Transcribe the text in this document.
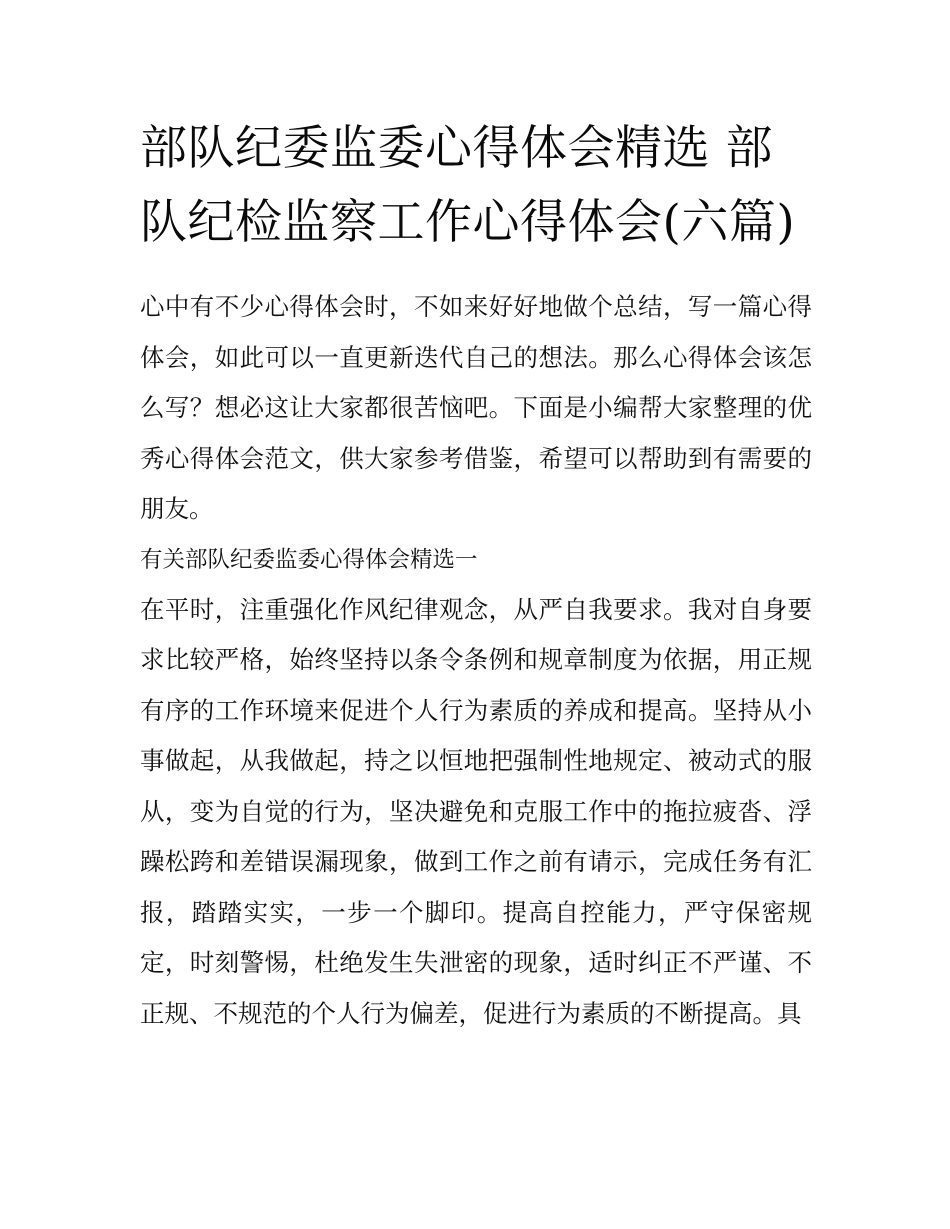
部队纪委监委心得体会精选 部队纪检监察工作心得体会(六篇)

心中有不少心得体会时，不如来好好地做个总结，写一篇心得体会，如此可以一直更新迭代自己的想法。那么心得体会该怎么写？想必这让大家都很苦恼吧。下面是小编帮大家整理的优秀心得体会范文，供大家参考借鉴，希望可以帮助到有需要的朋友。

有关部队纪委监委心得体会精选一

在平时，注重强化作风纪律观念，从严自我要求。我对自身要求比较严格，始终坚持以条令条例和规章制度为依据，用正规有序的工作环境来促进个人行为素质的养成和提高。坚持从小事做起，从我做起，持之以恒地把强制性地规定、被动式的服从，变为自觉的行为，坚决避免和克服工作中的拖拉疲沓、浮躁松跨和差错误漏现象，做到工作之前有请示，完成任务有汇报，踏踏实实，一步一个脚印。提高自控能力，严守保密规定，时刻警惕，杜绝发生失泄密的现象，适时纠正不严谨、不正规、不规范的个人行为偏差，促进行为素质的不断提高。具
